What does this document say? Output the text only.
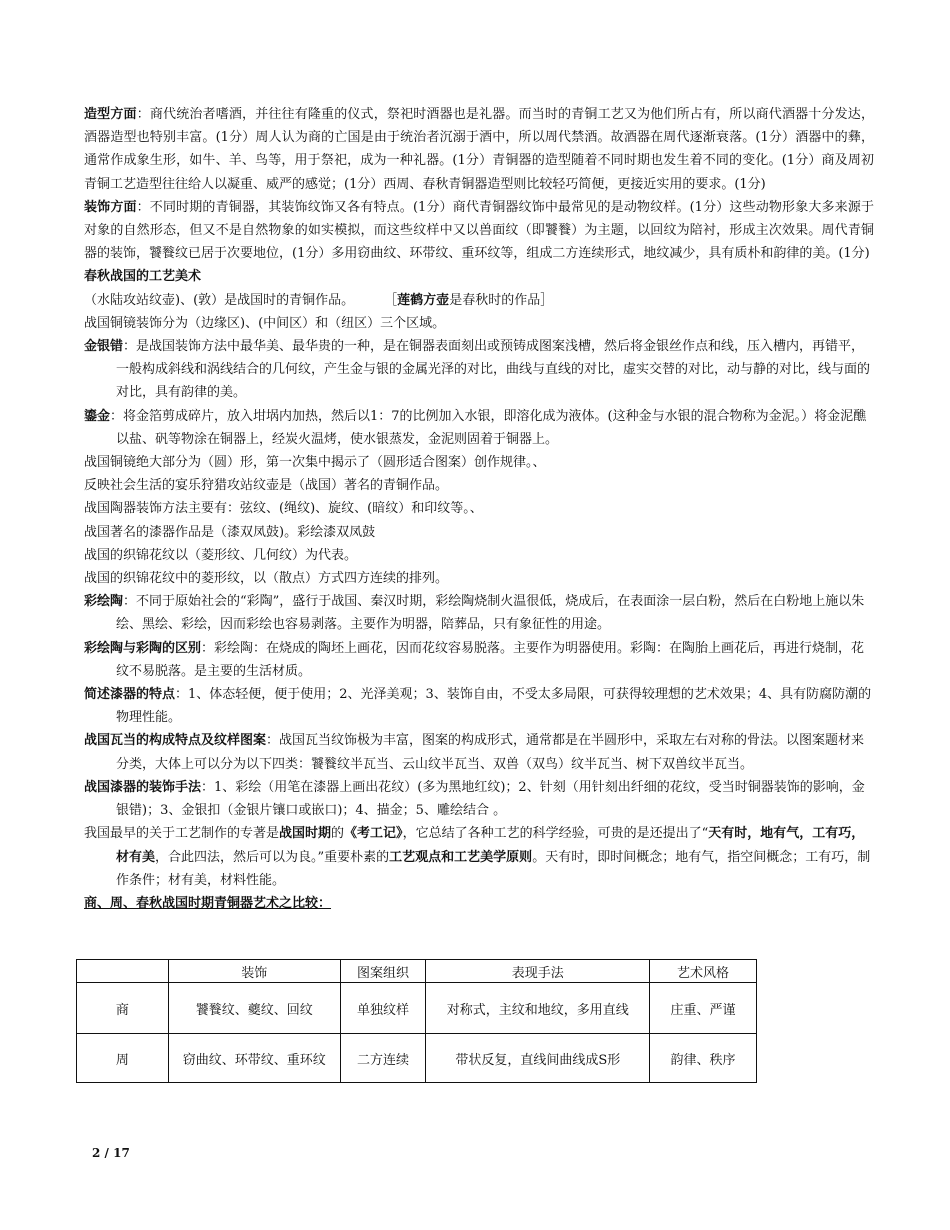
造型方面：商代统治者嗜酒，并往往有隆重的仪式，祭祀时酒器也是礼器。而当时的青铜工艺又为他们所占有，所以商代酒器十分发达，酒器造型也特别丰富。(1分）周人认为商的亡国是由于统治者沉溺于酒中，所以周代禁酒。故酒器在周代逐渐衰落。(1分）酒器中的彝，通常作成象生形，如牛、羊、鸟等，用于祭祀，成为一种礼器。(1分）青铜器的造型随着不同时期也发生着不同的变化。(1分）商及周初青铜工艺造型往往给人以凝重、威严的感觉；(1分）西周、春秋青铜器造型则比较轻巧简便，更接近实用的要求。(1分)

装饰方面：不同时期的青铜器，其装饰纹饰又各有特点。(1分）商代青铜器纹饰中最常见的是动物纹样。(1分）这些动物形象大多来源于对象的自然形态，但又不是自然物象的如实模拟，而这些纹样中又以兽面纹（即饕餮）为主题，以回纹为陪衬，形成主次效果。周代青铜器的装饰，饕餮纹已居于次要地位，(1分）多用窃曲纹、环带纹、重环纹等，组成二方连续形式，地纹减少，具有质朴和韵律的美。(1分)

春秋战国的工艺美术

（水陆攻站纹壶)、(敦）是战国时的青铜作品。 ［莲鹤方壶是春秋时的作品］

战国铜镜装饰分为（边缘区)、(中间区）和（纽区）三个区域。

金银错：是战国装饰方法中最华美、最华贵的一种，是在铜器表面刻出或预铸成图案浅槽，然后将金银丝作点和线，压入槽内，再错平，一般构成斜线和涡线结合的几何纹，产生金与银的金属光泽的对比，曲线与直线的对比，虚实交替的对比，动与静的对比，线与面的对比，具有韵律的美。

鎏金：将金箔剪成碎片，放入坩埚内加热，然后以1：7的比例加入水银，即溶化成为液体。(这种金与水银的混合物称为金泥。）将金泥醮以盐、矾等物涂在铜器上，经炭火温烤，使水银蒸发，金泥则固着于铜器上。

战国铜镜绝大部分为（圆）形，第一次集中揭示了（圆形适合图案）创作规律。、

反映社会生活的宴乐狩猎攻站纹壶是（战国）著名的青铜作品。

战国陶器装饰方法主要有：弦纹、(绳纹)、旋纹、(暗纹）和印纹等。、

战国著名的漆器作品是（漆双凤鼓)。彩绘漆双凤鼓

战国的织锦花纹以（菱形纹、几何纹）为代表。

战国的织锦花纹中的菱形纹，以（散点）方式四方连续的排列。

彩绘陶：不同于原始社会的“彩陶”，盛行于战国、秦汉时期，彩绘陶烧制火温很低，烧成后，在表面涂一层白粉，然后在白粉地上施以朱绘、黑绘、彩绘，因而彩绘也容易剥落。主要作为明器，陪葬品，只有象征性的用途。

彩绘陶与彩陶的区别：彩绘陶：在烧成的陶坯上画花，因而花纹容易脱落。主要作为明器使用。彩陶：在陶胎上画花后，再进行烧制，花纹不易脱落。是主要的生活材质。

简述漆器的特点：1、体态轻便，便于使用；2、光泽美观；3、装饰自由，不受太多局限，可获得较理想的艺术效果；4、具有防腐防潮的物理性能。

战国瓦当的构成特点及纹样图案：战国瓦当纹饰极为丰富，图案的构成形式，通常都是在半圆形中，采取左右对称的骨法。以图案题材来分类，大体上可以分为以下四类：饕餮纹半瓦当、云山纹半瓦当、双兽（双鸟）纹半瓦当、树下双兽纹半瓦当。

战国漆器的装饰手法：1、彩绘（用笔在漆器上画出花纹）(多为黑地红纹)；2、针刻（用针刻出纤细的花纹，受当时铜器装饰的影响，金银错)；3、金银扣（金银片镶口或嵌口)；4、描金；5、雕绘结合 。

我国最早的关于工艺制作的专著是战国时期的《考工记》，它总结了各种工艺的科学经验，可贵的是还提出了“天有时，地有气，工有巧，材有美，合此四法，然后可以为良。”重要朴素的工艺观点和工艺美学原则。天有时，即时间概念；地有气，指空间概念；工有巧，制作条件；材有美，材料性能。

商、周、春秋战国时期青铜器艺术之比较：

	装饰	图案组织	表现手法	艺术风格
商	饕餮纹、夔纹、回纹	单独纹样	对称式，主纹和地纹，多用直线	庄重、严谨
周	窃曲纹、环带纹、重环纹	二方连续	带状反复，直线间曲线成S形	韵律、秩序
2 / 17
